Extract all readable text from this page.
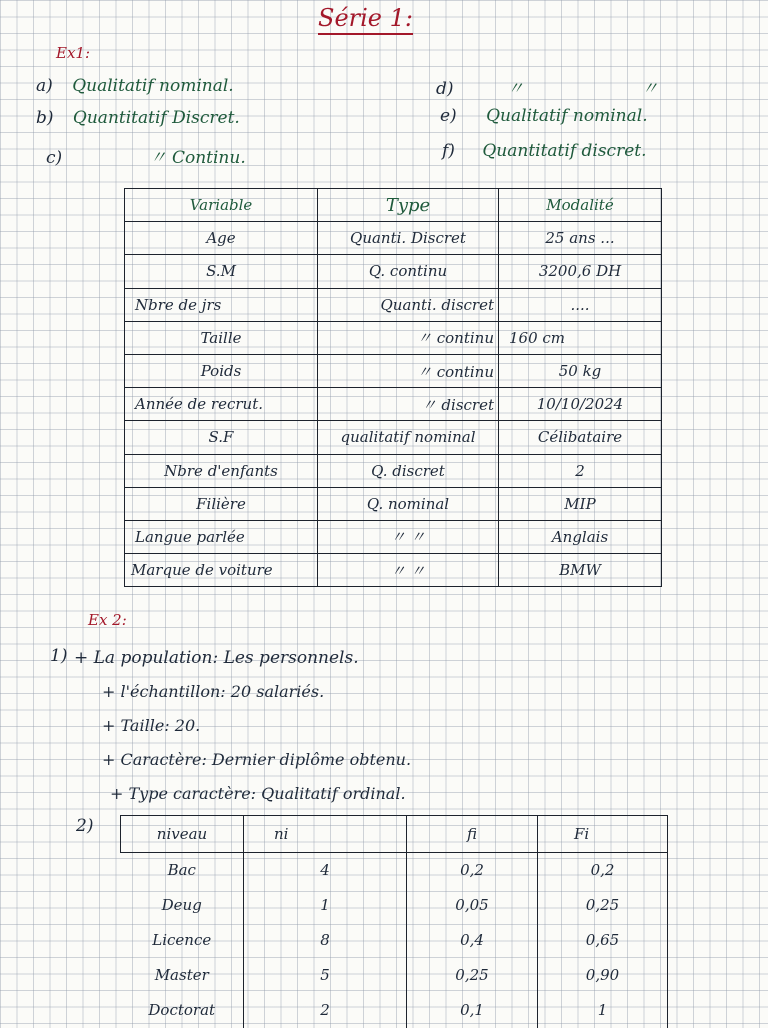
Série 1:
Ex1:
a) Qualitatif nominal.
b) Quantitatif Discret.
c)	〃 Continu.
d)	〃 〃
e) Qualitatif nominal.
f) Quantitatif discret.
Variable	Type	Modalité
Age	Quanti. Discret	25 ans ...
S.M	Q. continu	3200,6 DH
Nbre de jrs	Quanti. discret	....
Taille	〃 continu	160 cm
Poids	〃 continu	50 kg
Année de recrut.	〃 discret	10/10/2024
S.F	qualitatif nominal	Célibataire
Nbre d'enfants	Q. discret	2
Filière	Q. nominal	MIP
Langue parlée	〃 〃	Anglais
Marque de voiture	〃 〃	BMW
Ex 2:
1) + La population: Les personnels.
+ l'échantillon: 20 salariés.
+ Taille: 20.
+ Caractère: Dernier diplôme obtenu.
+ Type caractère: Qualitatif ordinal.
2)	niveau	ni	fi	Fi
Bac	4	0,2	0,2
Deug	1	0,05	0,25
Licence	8	0,4	0,65
Master	5	0,25	0,90
Doctorat	2	0,1	1
